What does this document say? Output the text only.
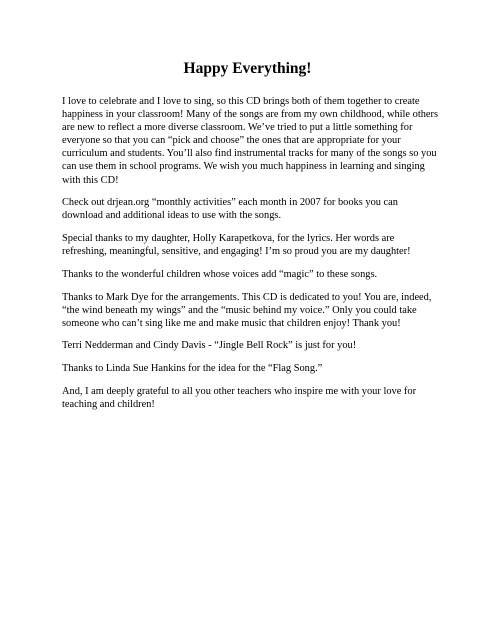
Happy Everything!

I love to celebrate and I love to sing, so this CD brings both of them together to create happiness in your classroom! Many of the songs are from my own childhood, while others are new to reflect a more diverse classroom. We’ve tried to put a little something for everyone so that you can “pick and choose” the ones that are appropriate for your curriculum and students. You’ll also find instrumental tracks for many of the songs so you can use them in school programs. We wish you much happiness in learning and singing with this CD!

Check out drjean.org “monthly activities” each month in 2007 for books you can download and additional ideas to use with the songs.

Special thanks to my daughter, Holly Karapetkova, for the lyrics. Her words are refreshing, meaningful, sensitive, and engaging! I’m so proud you are my daughter!

Thanks to the wonderful children whose voices add “magic” to these songs.

Thanks to Mark Dye for the arrangements. This CD is dedicated to you! You are, indeed, “the wind beneath my wings” and the “music behind my voice.” Only you could take someone who can’t sing like me and make music that children enjoy! Thank you!

Terri Nedderman and Cindy Davis - “Jingle Bell Rock” is just for you!

Thanks to Linda Sue Hankins for the idea for the “Flag Song.”

And, I am deeply grateful to all you other teachers who inspire me with your love for teaching and children!
